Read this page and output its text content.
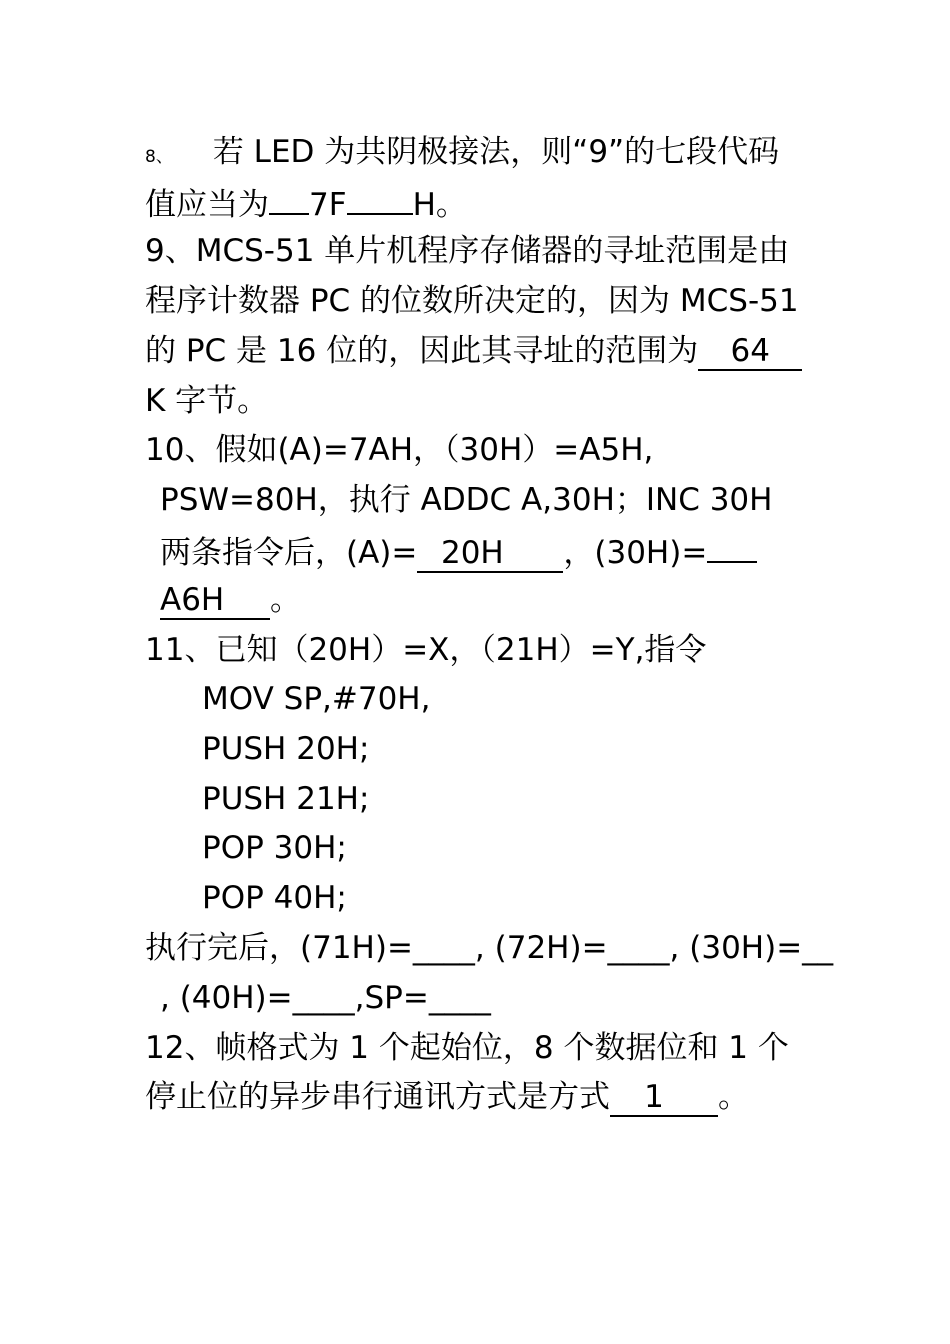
8、 若 LED 为共阴极接法，则“9”的七段代码
值应当为 7F H。
9、MCS-51 单片机程序存储器的寻址范围是由
程序计数器 PC 的位数所决定的，因为 MCS-51
的 PC 是 16 位的，因此其寻址的范围为 64
K 字节。
10、假如(A)=7AH，（30H）=A5H,
PSW=80H，执行 ADDC A,30H；INC 30H
两条指令后，(A)= 20H ，(30H)=
A6H 。
11、已知（20H）=X，（21H）=Y,指令
MOV SP,#70H,
PUSH 20H;
PUSH 21H;
POP 30H;
POP 40H;
执行完后，(71H)=____, (72H)=____, (30H)=__
, (40H)=____,SP=____
12、帧格式为 1 个起始位，8 个数据位和 1 个
停止位的异步串行通讯方式是方式 1 。
